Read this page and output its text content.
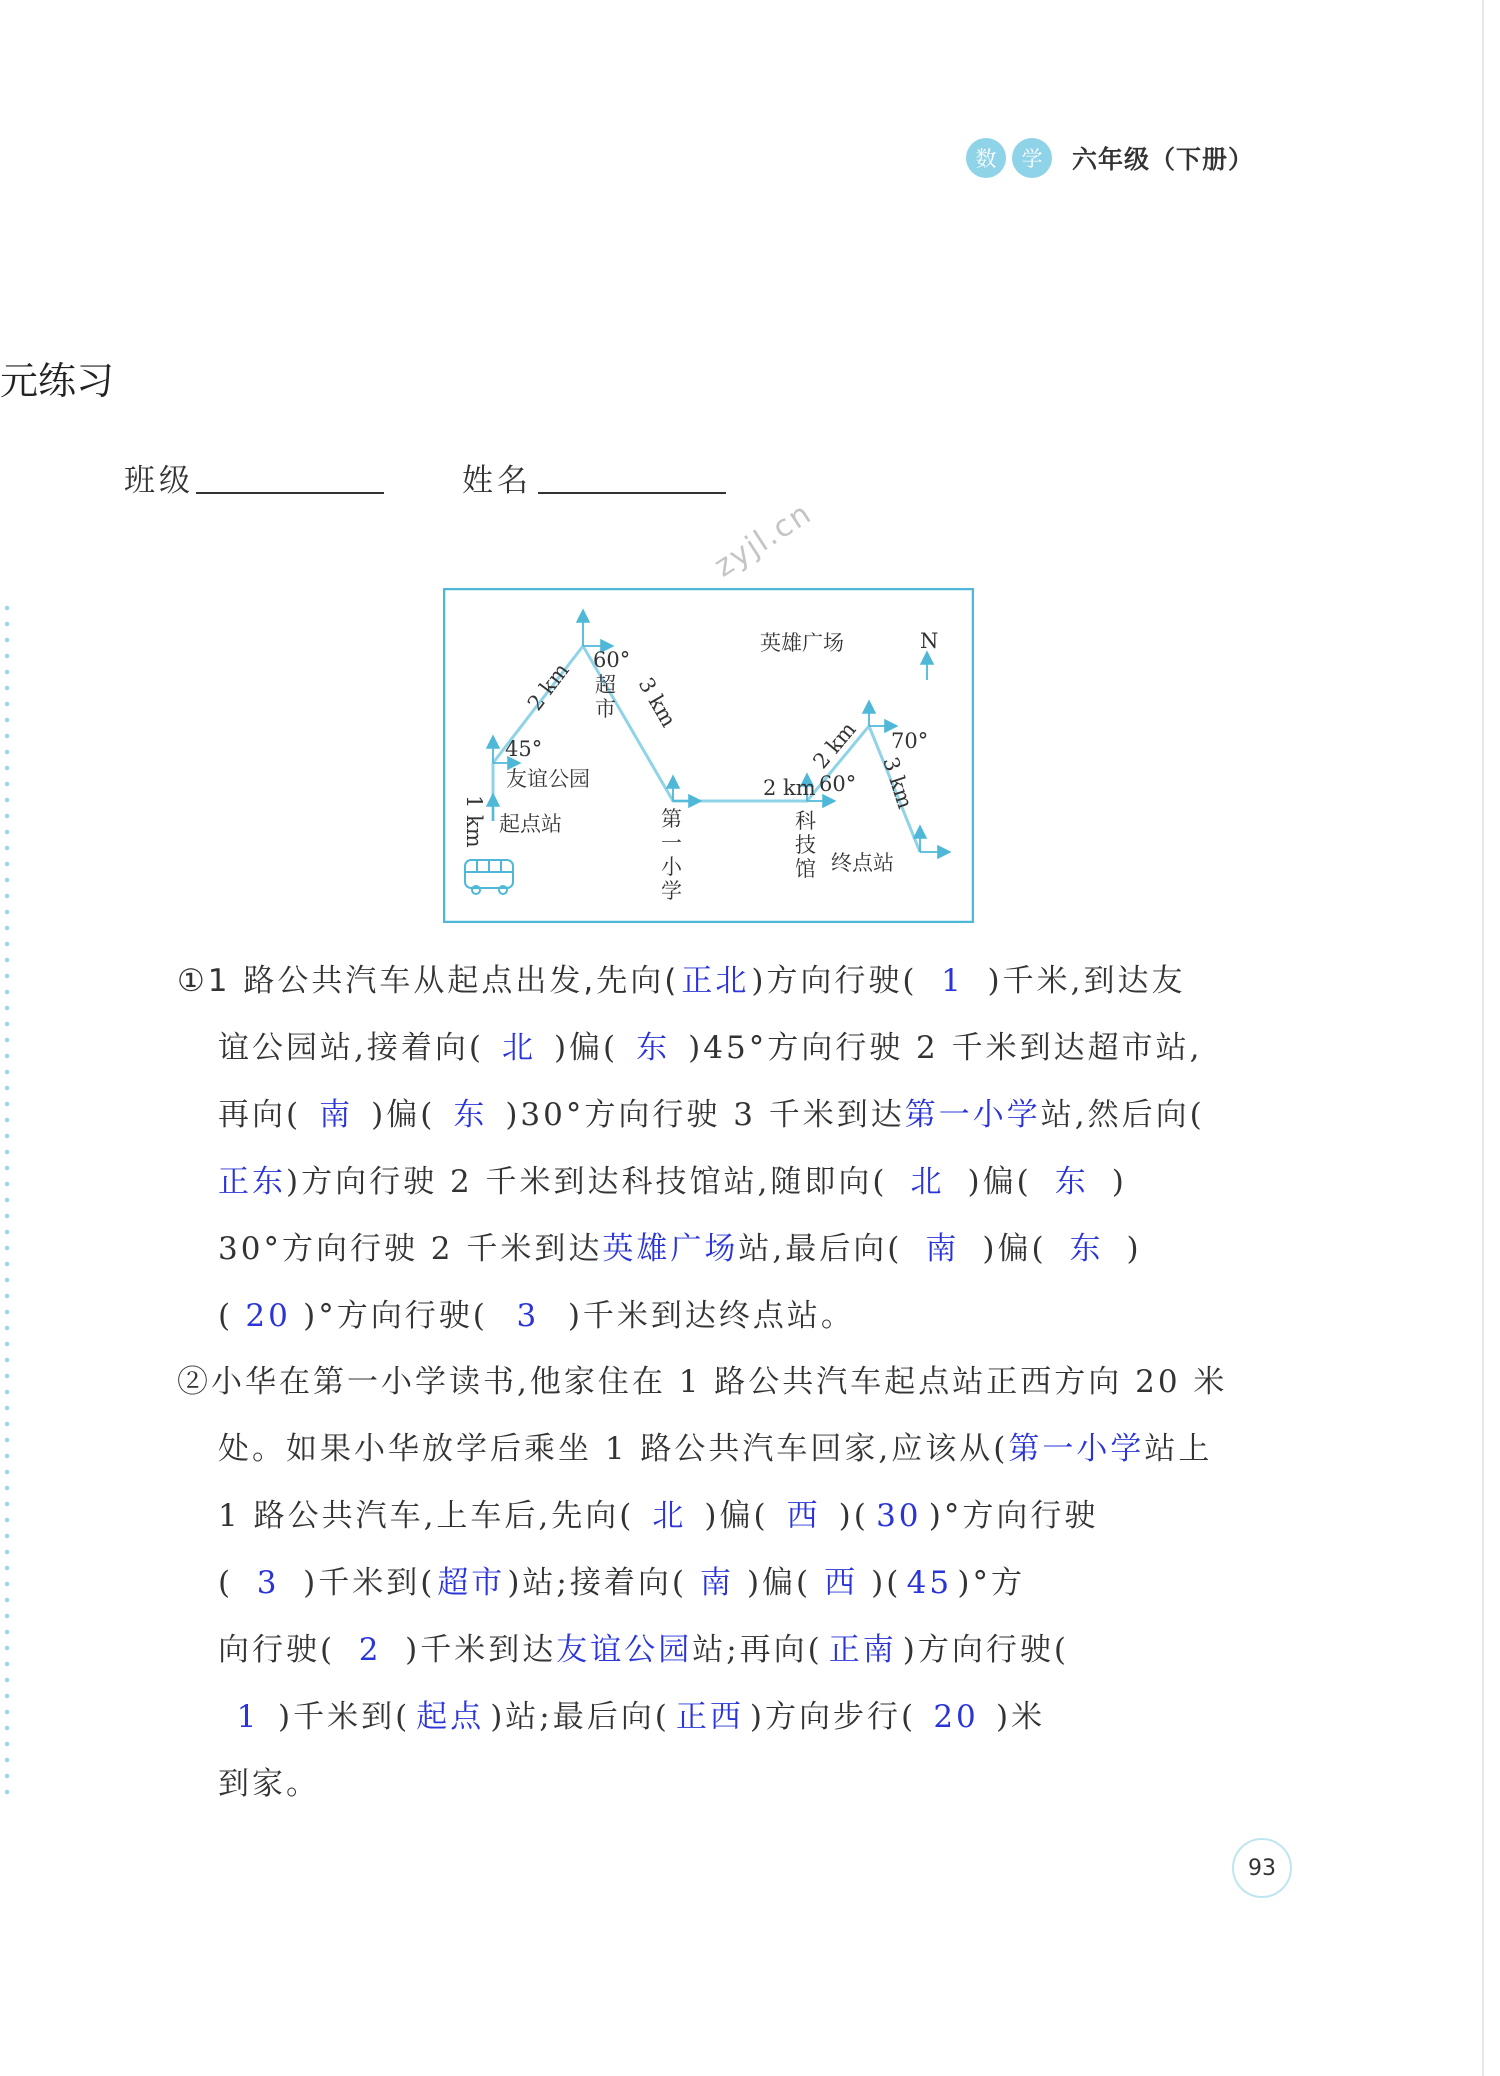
数	学	六年级（下册）
元练习
班级	姓名
zyjl.cn
N
60°
45°
60°
70°
友谊公园
起点站
2 km
英雄广场
终点站
超
市
第
一
小
学
科
技
馆
1 km
2 km	3 km
2 km
3 km
①1 路公共汽车从起点出发,先向(正北)方向行驶( 1 )千米,到达友
谊公园站,接着向( 北 )偏( 东 )45°方向行驶 2 千米到达超市站,
再向( 南 )偏( 东 )30°方向行驶 3 千米到达第一小学站,然后向(
正东)方向行驶 2 千米到达科技馆站,随即向( 北 )偏( 东 )
30°方向行驶 2 千米到达英雄广场站,最后向( 南 )偏( 东 )
( 20 )°方向行驶( 3 )千米到达终点站。
②小华在第一小学读书,他家住在 1 路公共汽车起点站正西方向 20 米
处。如果小华放学后乘坐 1 路公共汽车回家,应该从(第一小学站上
1 路公共汽车,上车后,先向( 北 )偏( 西 )( 30 )°方向行驶
( 3 )千米到(超市)站;接着向( 南 )偏( 西 )( 45 )°方
向行驶( 2 )千米到达友谊公园站;再向( 正南 )方向行驶(
1 )千米到( 起点 )站;最后向( 正西 )方向步行( 20 )米
到家。
93
